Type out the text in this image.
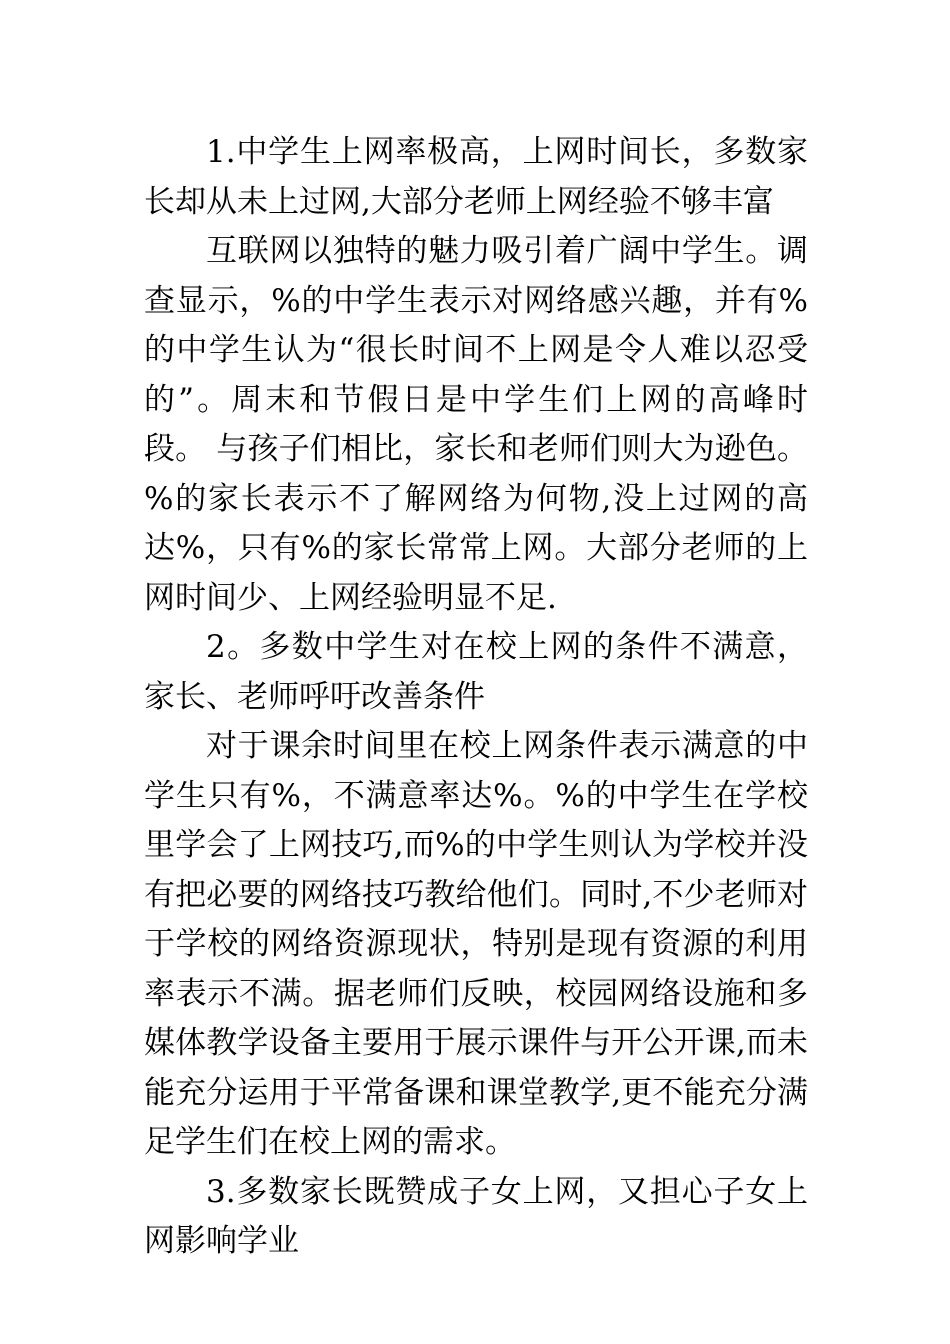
1.中学生上网率极高，上网时间长，多数家长却从未上过网,大部分老师上网经验不够丰富

互联网以独特的魅力吸引着广阔中学生。调查显示，%的中学生表示对网络感兴趣，并有%的中学生认为“很长时间不上网是令人难以忍受的”。周末和节假日是中学生们上网的高峰时段。 与孩子们相比，家长和老师们则大为逊色。%的家长表示不了解网络为何物,没上过网的高达%，只有%的家长常常上网。大部分老师的上网时间少、上网经验明显不足.

2。多数中学生对在校上网的条件不满意，家长、老师呼吁改善条件

对于课余时间里在校上网条件表示满意的中学生只有%，不满意率达%。%的中学生在学校里学会了上网技巧,而%的中学生则认为学校并没有把必要的网络技巧教给他们。同时,不少老师对于学校的网络资源现状，特别是现有资源的利用率表示不满。据老师们反映，校园网络设施和多媒体教学设备主要用于展示课件与开公开课,而未能充分运用于平常备课和课堂教学,更不能充分满足学生们在校上网的需求。

3.多数家长既赞成子女上网，又担心子女上网影响学业
